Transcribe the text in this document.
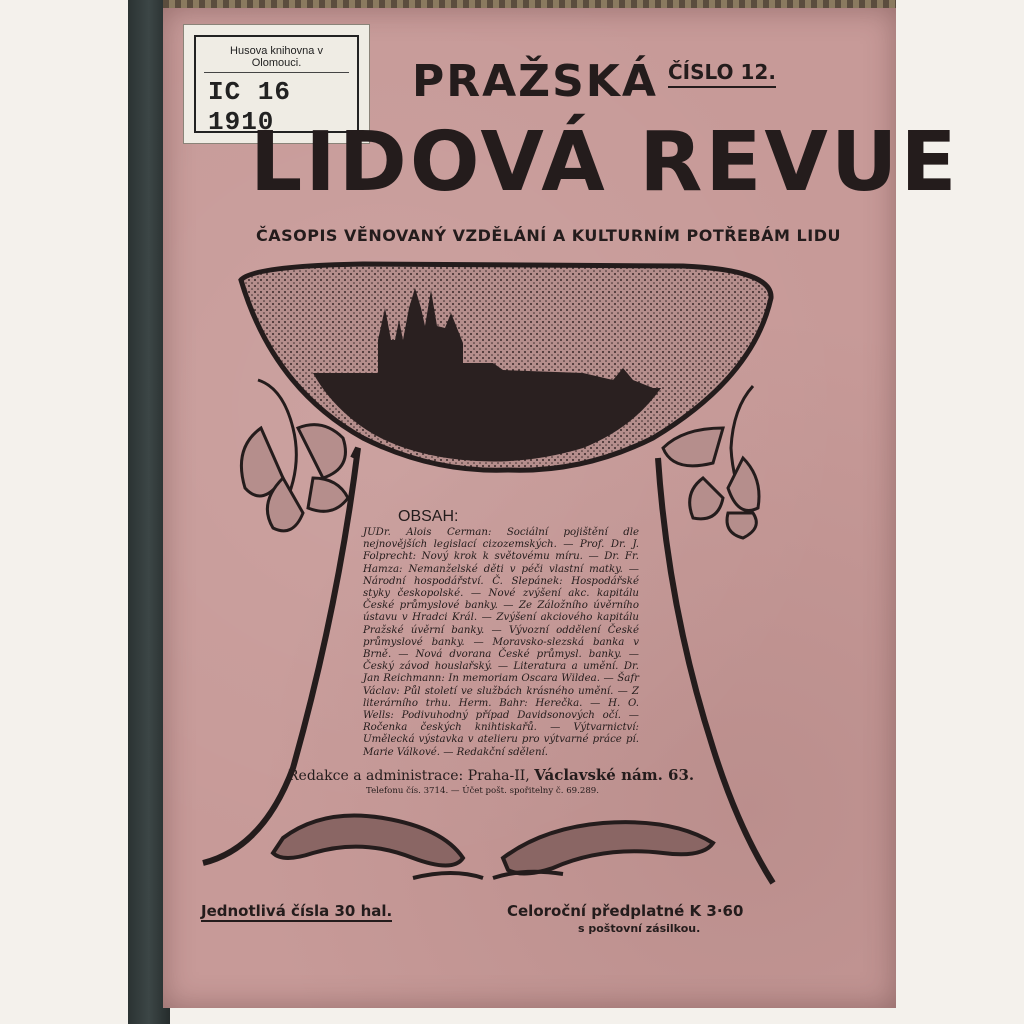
Husova knihovna v Olomouci.
IC 16 1910
PRAŽSKÁ ČÍSLO 12.
LIDOVÁ REVUE
ČASOPIS VĚNOVANÝ VZDĚLÁNÍ A KULTURNÍM POTŘEBÁM LIDU
OBSAH:
JUDr. Alois Cerman: Sociální pojištění dle nejnovějších legislací cizozemských. — Prof. Dr. J. Folprecht: Nový krok k světovému míru. — Dr. Fr. Hamza: Nemanželské děti v péči vlastní matky. — Národní hospodářství. Č. Slepánek: Hospodářské styky českopolské. — Nové zvýšení akc. kapitálu České průmyslové banky. — Ze Záložního úvěrního ústavu v Hradci Král. — Zvýšení akciového kapitálu Pražské úvěrní banky. — Vývozní oddělení České průmyslové banky. — Moravsko-slezská banka v Brně. — Nová dvorana České průmysl. banky. — Český závod houslařský. — Literatura a umění. Dr. Jan Reichmann: In memoriam Oscara Wildea. — Šafr Václav: Půl století ve službách krásného umění. — Z literárního trhu. Herm. Bahr: Herečka. — H. O. Wells: Podivuhodný případ Davidsonových očí. — Ročenka českých knihtiskařů. — Výtvarnictví: Umělecká výstavka v atelieru pro výtvarné práce pí. Marie Válkové. — Redakční sdělení.
Redakce a administrace: Praha-II, Václavské nám. 63.
Telefonu čís. 3714. — Účet pošt. spořitelny č. 69.289.
Jednotlivá čísla 30 hal.	Celoroční předplatné K 3·60
s poštovní zásilkou.
